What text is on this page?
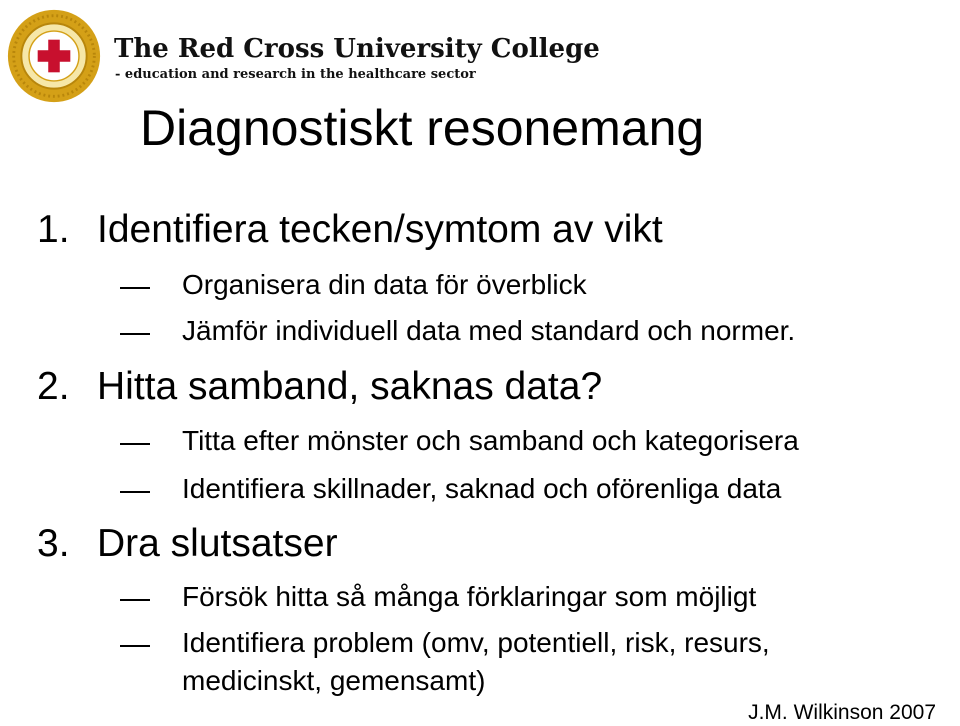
The Red Cross University College
- education and research in the healthcare sector
Diagnostiskt resonemang
1. Identifiera tecken/symtom av vikt
Organisera din data för överblick
Jämför individuell data med standard och normer.
2. Hitta samband, saknas data?
Titta efter mönster och samband och kategorisera
Identifiera skillnader, saknad och oförenliga data
3. Dra slutsatser
Försök hitta så många förklaringar som möjligt
Identifiera problem (omv, potentiell, risk, resurs,
medicinskt, gemensamt)
J.M. Wilkinson 2007
